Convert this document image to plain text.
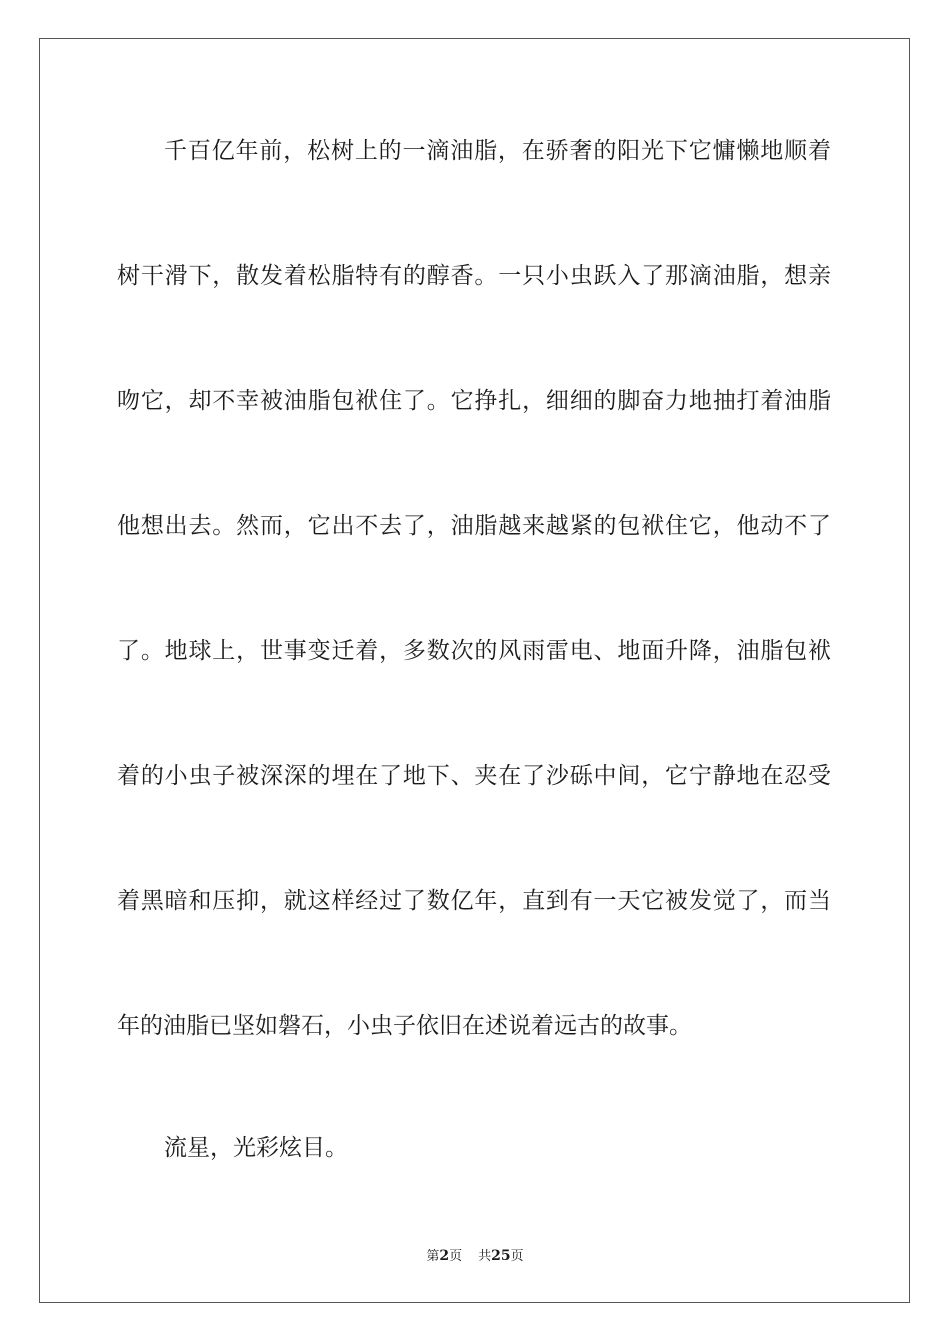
千百亿年前，松树上的一滴油脂，在骄奢的阳光下它慵懒地顺着
树干滑下，散发着松脂特有的醇香。一只小虫跃入了那滴油脂，想亲
吻它，却不幸被油脂包袱住了。它挣扎，细细的脚奋力地抽打着油脂
他想出去。然而，它出不去了，油脂越来越紧的包袱住它，他动不了
了。地球上，世事变迁着，多数次的风雨雷电、地面升降，油脂包袱
着的小虫子被深深的埋在了地下、夹在了沙砾中间，它宁静地在忍受
着黑暗和压抑，就这样经过了数亿年，直到有一天它被发觉了，而当
年的油脂已坚如磐石，小虫子依旧在述说着远古的故事。
流星，光彩炫目。
第2页 共25页
